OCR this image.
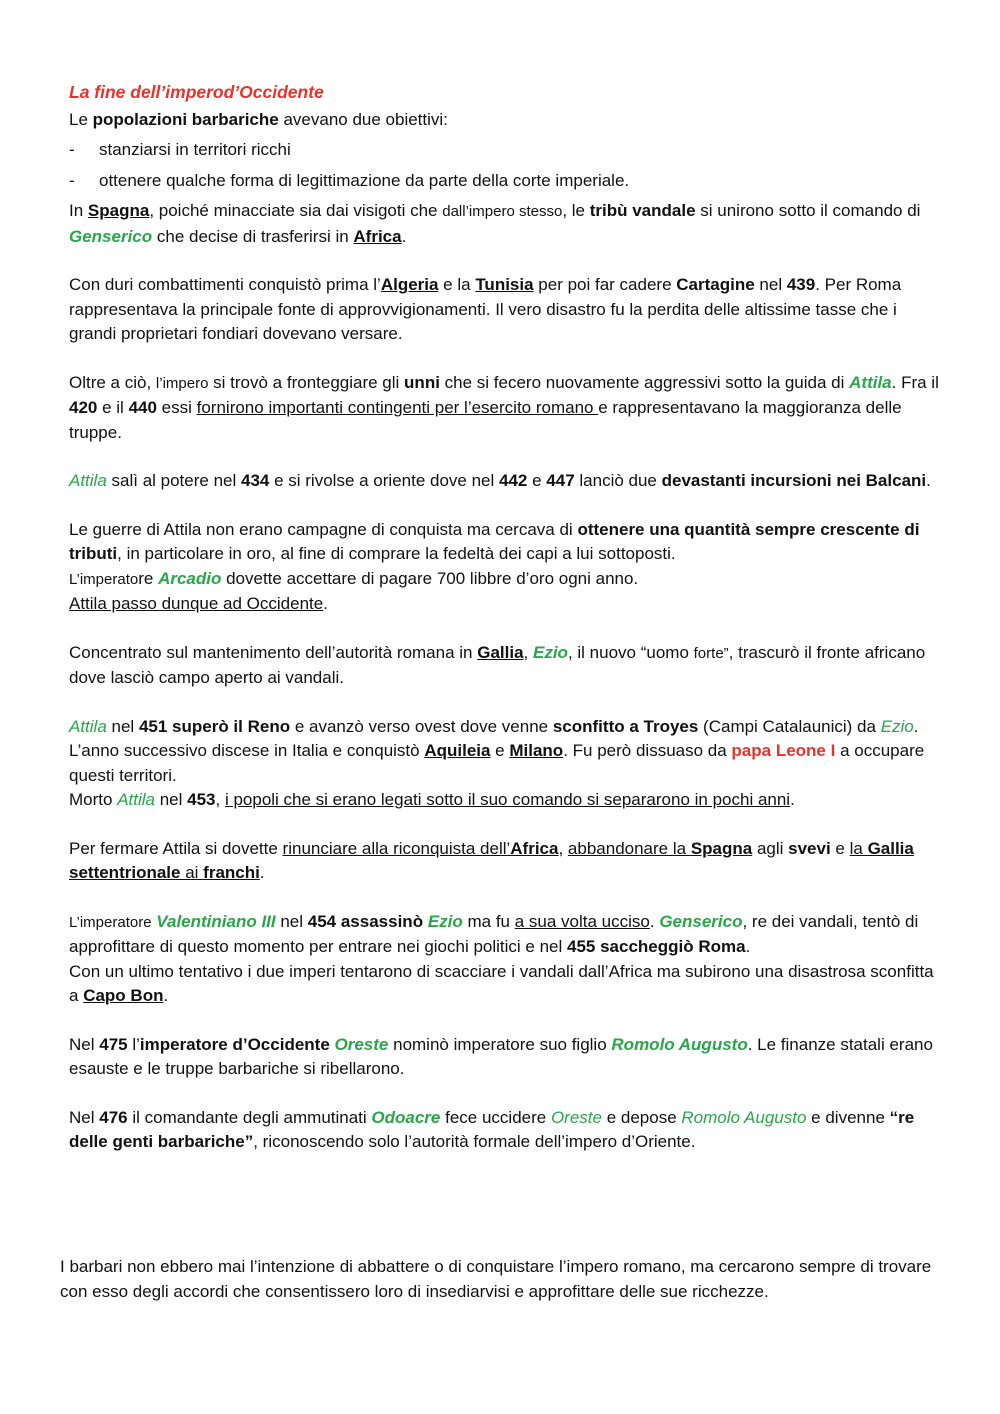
La fine dell’imperod’Occidente

Le popolazioni barbariche avevano due obiettivi:

-	stanziarsi in territori ricchi
-	ottenere qualche forma di legittimazione da parte della corte imperiale.

In Spagna, poiché minacciate sia dai visigoti che dall’impero stesso, le tribù vandale si unirono sotto il comando di Genserico che decise di trasferirsi in Africa.

Con duri combattimenti conquistò prima l’Algeria e la Tunisia per poi far cadere Cartagine nel 439. Per Roma rappresentava la principale fonte di approvvigionamenti. Il vero disastro fu la perdita delle altissime tasse che i grandi proprietari fondiari dovevano versare.

Oltre a ciò, l’impero si trovò a fronteggiare gli unni che si fecero nuovamente aggressivi sotto la guida di Attila. Fra il 420 e il 440 essi fornirono importanti contingenti per l’esercito romano e rappresentavano la maggioranza delle truppe.

Attila salì al potere nel 434 e si rivolse a oriente dove nel 442 e 447 lanciò due devastanti incursioni nei Balcani.

Le guerre di Attila non erano campagne di conquista ma cercava di ottenere una quantità sempre crescente di tributi, in particolare in oro, al fine di comprare la fedeltà dei capi a lui sottoposti.

L’imperatore Arcadio dovette accettare di pagare 700 libbre d’oro ogni anno.

Attila passo dunque ad Occidente.

Concentrato sul mantenimento dell’autorità romana in Gallia, Ezio, il nuovo “uomo forte”, trascurò il fronte africano dove lasciò campo aperto ai vandali.

Attila nel 451 superò il Reno e avanzò verso ovest dove venne sconfitto a Troyes (Campi Catalaunici) da Ezio.

L’anno successivo discese in Italia e conquistò Aquileia e Milano. Fu però dissuaso da papa Leone I a occupare questi territori.

Morto Attila nel 453, i popoli che si erano legati sotto il suo comando si separarono in pochi anni.

Per fermare Attila si dovette rinunciare alla riconquista dell’Africa, abbandonare la Spagna agli svevi e la Gallia settentrionale ai franchi.

L’imperatore Valentiniano III nel 454 assassinò Ezio ma fu a sua volta ucciso. Genserico, re dei vandali, tentò di approfittare di questo momento per entrare nei giochi politici e nel 455 saccheggiò Roma.

Con un ultimo tentativo i due imperi tentarono di scacciare i vandali dall’Africa ma subirono una disastrosa sconfitta a Capo Bon.

Nel 475 l’imperatore d’Occidente Oreste nominò imperatore suo figlio Romolo Augusto. Le finanze statali erano esauste e le truppe barbariche si ribellarono.

Nel 476 il comandante degli ammutinati Odoacre fece uccidere Oreste e depose Romolo Augusto e divenne “re delle genti barbariche”, riconoscendo solo l’autorità formale dell’impero d’Oriente.

I barbari non ebbero mai l’intenzione di abbattere o di conquistare l’impero romano, ma cercarono sempre di trovare con esso degli accordi che consentissero loro di insediarvisi e approfittare delle sue ricchezze.
